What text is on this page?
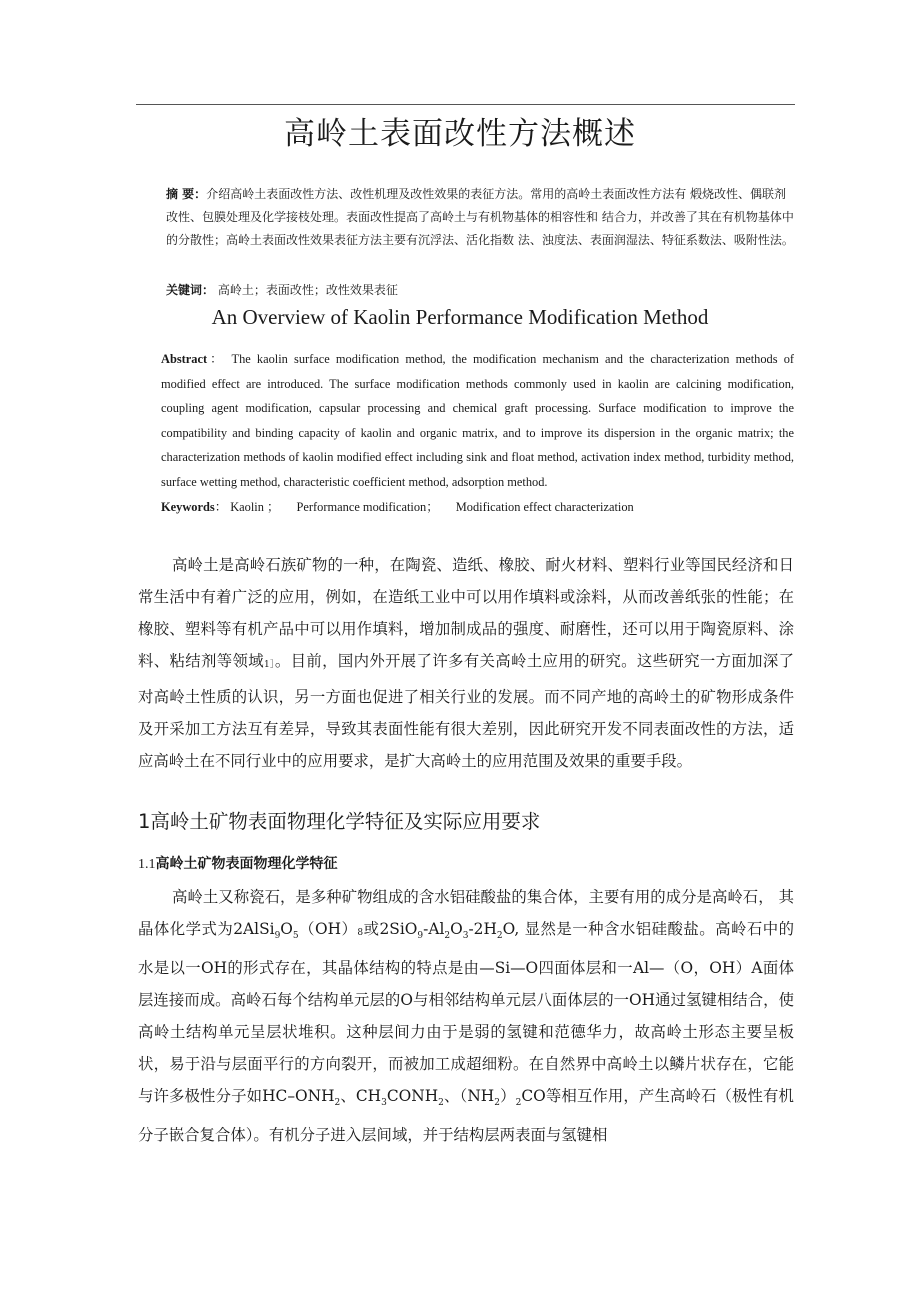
高岭土表面改性方法概述
摘 要：介绍高岭土表面改性方法、改性机理及改性效果的表征方法。常用的高岭土表面改性方法有 煅烧改性、偶联剂改性、包膜处理及化学接枝处理。表面改性提高了高岭土与有机物基体的相容性和 结合力，并改善了其在有机物基体中的分散性；高岭土表面改性效果表征方法主要有沉浮法、活化指数 法、浊度法、表面润湿法、特征系数法、吸附性法。
关键词： 高岭土；表面改性；改性效果表征
An Overview of Kaolin Performance Modification Method
Abstract： The kaolin surface modification method, the modification mechanism and the characterization methods of modified effect are introduced. The surface modification methods commonly used in kaolin are calcining modification, coupling agent modification, capsular processing and chemical graft processing. Surface modification to improve the compatibility and binding capacity of kaolin and organic matrix, and to improve its dispersion in the organic matrix; the characterization methods of kaolin modified effect including sink and float method, activation index method, turbidity method, surface wetting method, characteristic coefficient method, adsorption method.
Keywords： Kaolin ； Performance modification； Modification effect characterization
高岭土是高岭石族矿物的一种，在陶瓷、造纸、橡胶、耐火材料、塑料行业等国民经济和日常生活中有着广泛的应用，例如，在造纸工业中可以用作填料或涂料，从而改善纸张的性能；在橡胶、塑料等有机产品中可以用作填料，增加制成品的强度、耐磨性，还可以用于陶瓷原料、涂料、粘结剂等领域1］。目前，国内外开展了许多有关高岭土应用的研究。这些研究一方面加深了对高岭土性质的认识，另一方面也促进了相关行业的发展。而不同产地的高岭土的矿物形成条件及开采加工方法互有差异，导致其表面性能有很大差别，因此研究开发不同表面改性的方法，适应高岭土在不同行业中的应用要求，是扩大高岭土的应用范围及效果的重要手段。
1高岭土矿物表面物理化学特征及实际应用要求
1.1高岭土矿物表面物理化学特征
高岭土又称瓷石，是多种矿物组成的含水铝硅酸盐的集合体，主要有用的成分是高岭石， 其晶体化学式为$2AlSi_9O_5(OH)8$或$2SiO_9-Al_2O_3-2H_2O$, 显然是一种含水铝硅酸盐。高岭石中的水是以一OH的形式存在，其晶体结构的特点是由—Si—O四面体层和一Al—（O，OH）A面体层连接而成。高岭石每个结构单元层的O与相邻结构单元层八面体层的一OH通过氢键相结合，使高岭土结构单元呈层状堆积。这种层间力由于是弱的氢键和范德华力，故高岭土形态主要呈板状，易于沿与层面平行的方向裂开，而被加工成超细粉。在自然界中高岭土以鳞片状存在，它能与许多极性分子如$HC-ONH_2$、$CH_3CONH_2$、$(NH_2)_2CO$等相互作用，产生高岭石（极性有机分子嵌合复合体）。有机分子进入层间域，并于结构层两表面与氢键相
